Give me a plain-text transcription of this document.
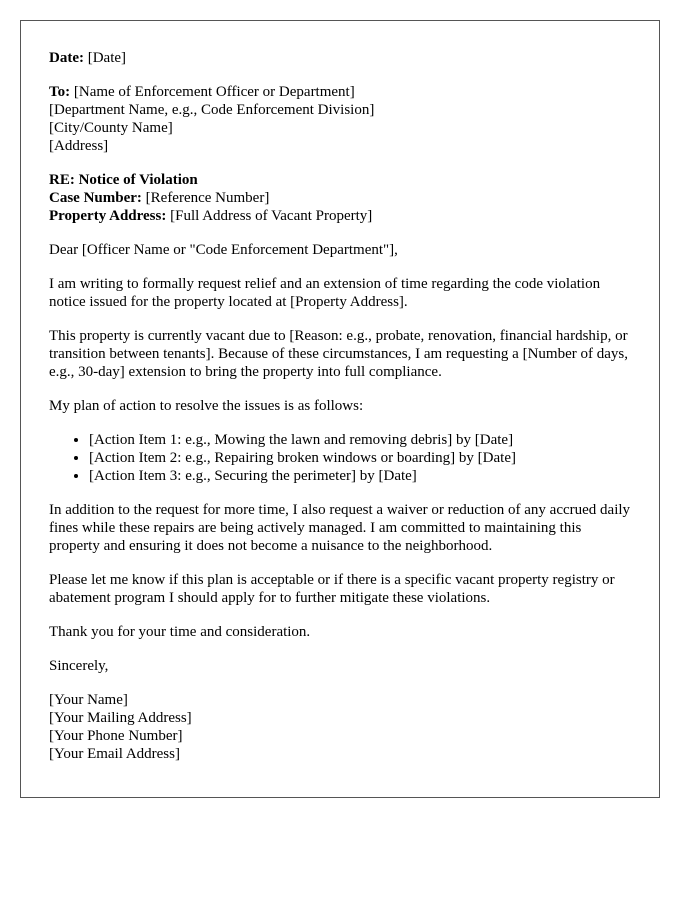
Date: [Date]
To: [Name of Enforcement Officer or Department]
[Department Name, e.g., Code Enforcement Division]
[City/County Name]
[Address]
RE: Notice of Violation
Case Number: [Reference Number]
Property Address: [Full Address of Vacant Property]

Dear [Officer Name or "Code Enforcement Department"],

I am writing to formally request relief and an extension of time regarding the code violation notice issued for the property located at [Property Address].

This property is currently vacant due to [Reason: e.g., probate, renovation, financial hardship, or transition between tenants]. Because of these circumstances, I am requesting a [Number of days, e.g., 30-day] extension to bring the property into full compliance.

My plan of action to resolve the issues is as follows:

• [Action Item 1: e.g., Mowing the lawn and removing debris] by [Date]
• [Action Item 2: e.g., Repairing broken windows or boarding] by [Date]
• [Action Item 3: e.g., Securing the perimeter] by [Date]

In addition to the request for more time, I also request a waiver or reduction of any accrued daily fines while these repairs are being actively managed. I am committed to maintaining this property and ensuring it does not become a nuisance to the neighborhood.

Please let me know if this plan is acceptable or if there is a specific vacant property registry or abatement program I should apply for to further mitigate these violations.

Thank you for your time and consideration.

Sincerely,

[Your Name]
[Your Mailing Address]
[Your Phone Number]
[Your Email Address]
